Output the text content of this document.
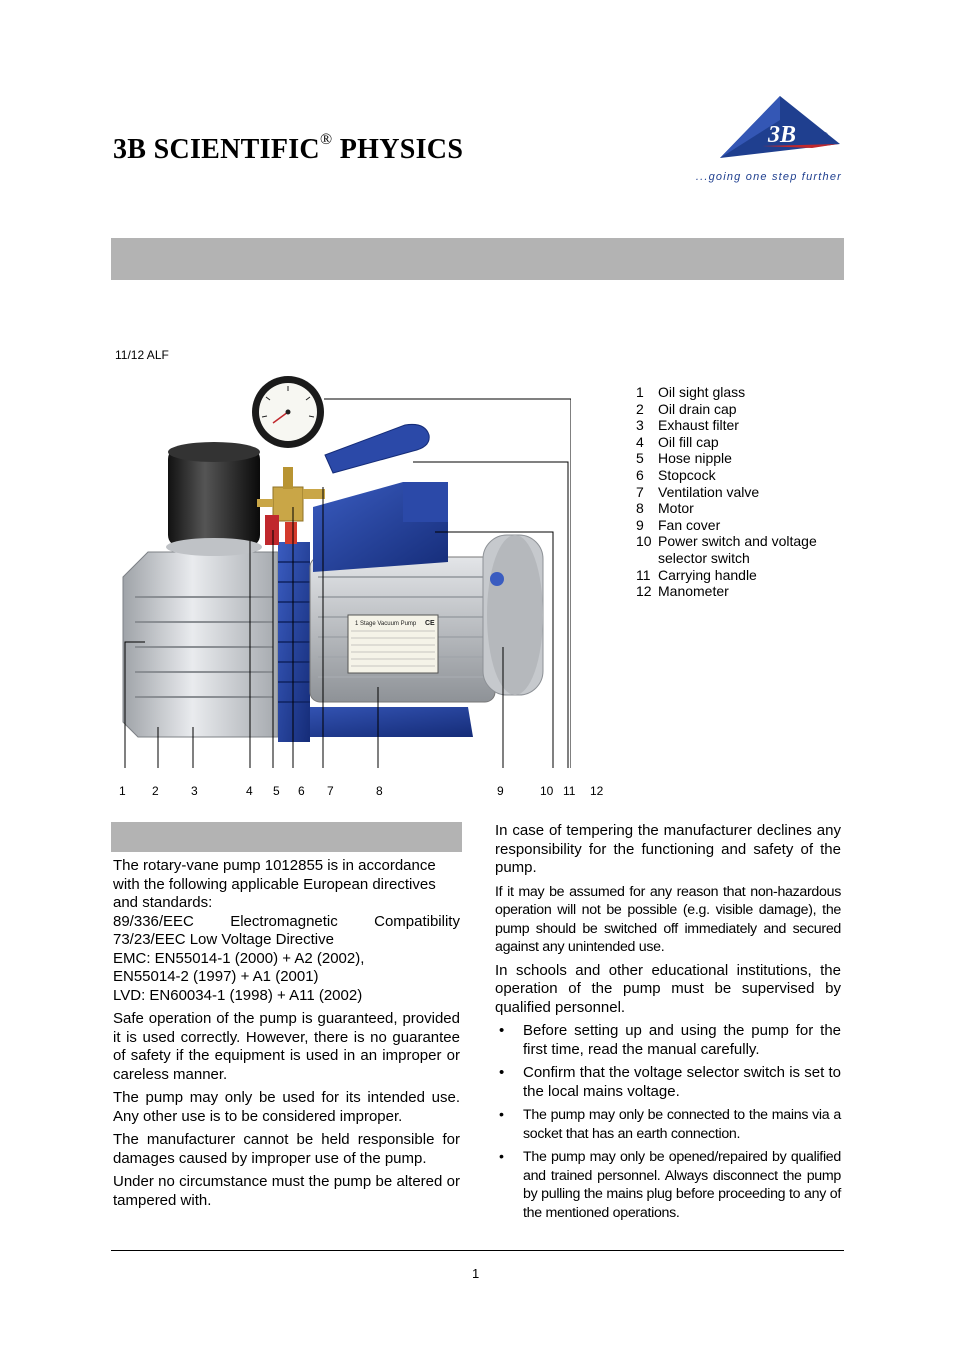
3B SCIENTIFIC® PHYSICS	3B	®
...going one step further
11/12 ALF
1 Stage Vacuum Pump CE
1 2	3	4 5 6 7	8	9	10 11 12
1	Oil sight glass
2	Oil drain cap
3	Exhaust filter
4	Oil fill cap
5	Hose nipple
6	Stopcock
7	Ventilation valve
8	Motor
9	Fan cover
10 Power switch and voltage
selector switch
11 Carrying handle
12 Manometer

The rotary-vane pump 1012855 is in accordance with the following applicable European directives and standards:

89/336/EEC Electromagnetic Compatibility
73/23/EEC Low Voltage Directive
EMC: EN55014-1 (2000) + A2 (2002),
EN55014-2 (1997) + A1 (2001)
LVD: EN60034-1 (1998) + A11 (2002)

Safe operation of the pump is guaranteed, provided it is used correctly. However, there is no guarantee of safety if the equipment is used in an improper or careless manner.

The pump may only be used for its intended use. Any other use is to be considered improper.

The manufacturer cannot be held responsible for damages caused by improper use of the pump.

Under no circumstance must the pump be altered or tampered with.

In case of tempering the manufacturer declines any responsibility for the functioning and safety of the pump.

If it may be assumed for any reason that non-hazardous operation will not be possible (e.g. visible damage), the pump should be switched off immediately and secured against any unintended use.

In schools and other educational institutions, the operation of the pump must be supervised by qualified personnel.

• Before setting up and using the pump for the first time, read the manual carefully.
• Confirm that the voltage selector switch is set to the local mains voltage.
• The pump may only be connected to the mains via a socket that has an earth connection.
• The pump may only be opened/repaired by qualified and trained personnel. Always disconnect the pump by pulling the mains plug before proceeding to any of the mentioned operations.
1
